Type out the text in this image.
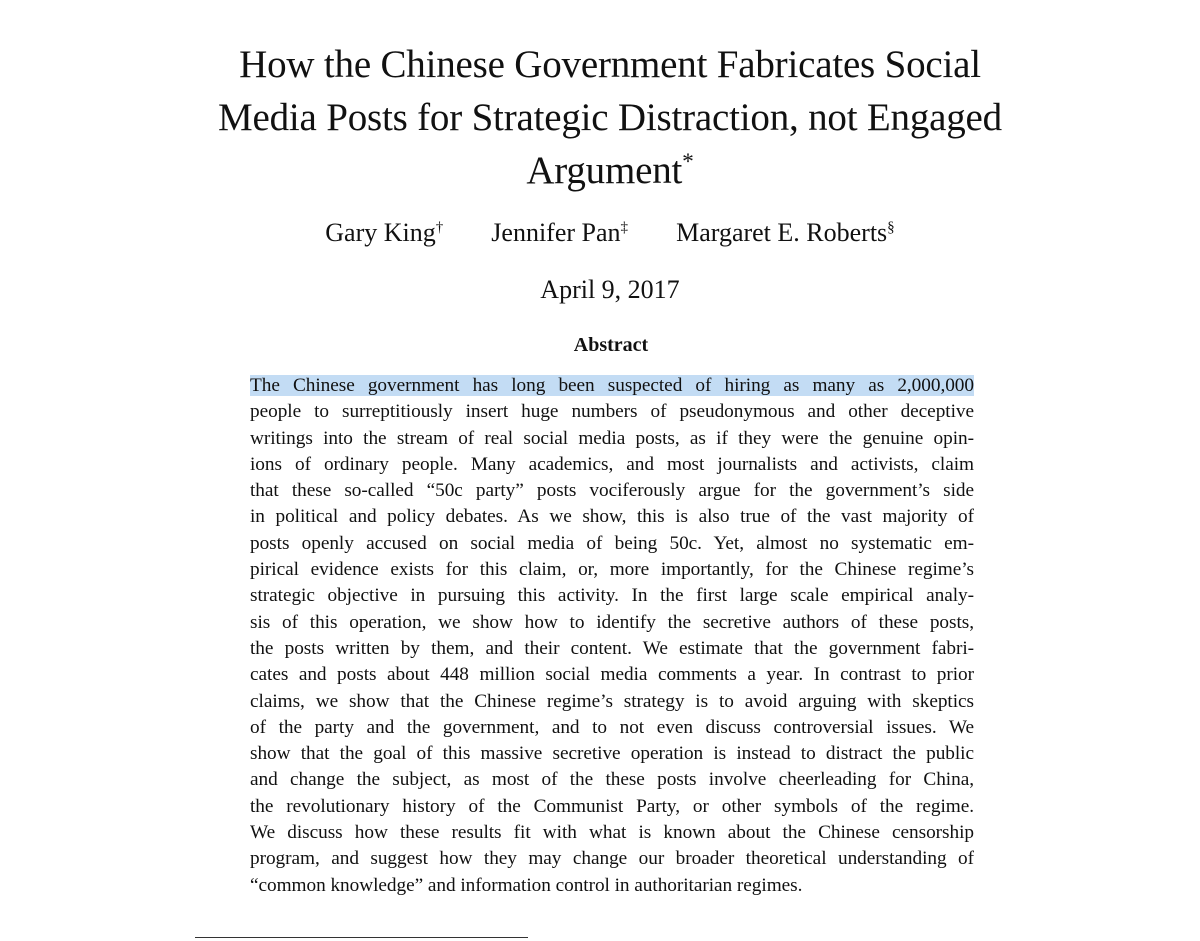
How the Chinese Government Fabricates Social
Media Posts for Strategic Distraction, not Engaged
Argument*

Gary King† Jennifer Pan‡ Margaret E. Roberts§

April 9, 2017

Abstract
The Chinese government has long been suspected of hiring as many as 2,000,000
people to surreptitiously insert huge numbers of pseudonymous and other deceptive
writings into the stream of real social media posts, as if they were the genuine opin-
ions of ordinary people. Many academics, and most journalists and activists, claim
that these so-called “50c party” posts vociferously argue for the government’s side
in political and policy debates. As we show, this is also true of the vast majority of
posts openly accused on social media of being 50c. Yet, almost no systematic em-
pirical evidence exists for this claim, or, more importantly, for the Chinese regime’s
strategic objective in pursuing this activity. In the first large scale empirical analy-
sis of this operation, we show how to identify the secretive authors of these posts,
the posts written by them, and their content. We estimate that the government fabri-
cates and posts about 448 million social media comments a year. In contrast to prior
claims, we show that the Chinese regime’s strategy is to avoid arguing with skeptics
of the party and the government, and to not even discuss controversial issues. We
show that the goal of this massive secretive operation is instead to distract the public
and change the subject, as most of the these posts involve cheerleading for China,
the revolutionary history of the Communist Party, or other symbols of the regime.
We discuss how these results fit with what is known about the Chinese censorship
program, and suggest how they may change our broader theoretical understanding of
“common knowledge” and information control in authoritarian regimes.
